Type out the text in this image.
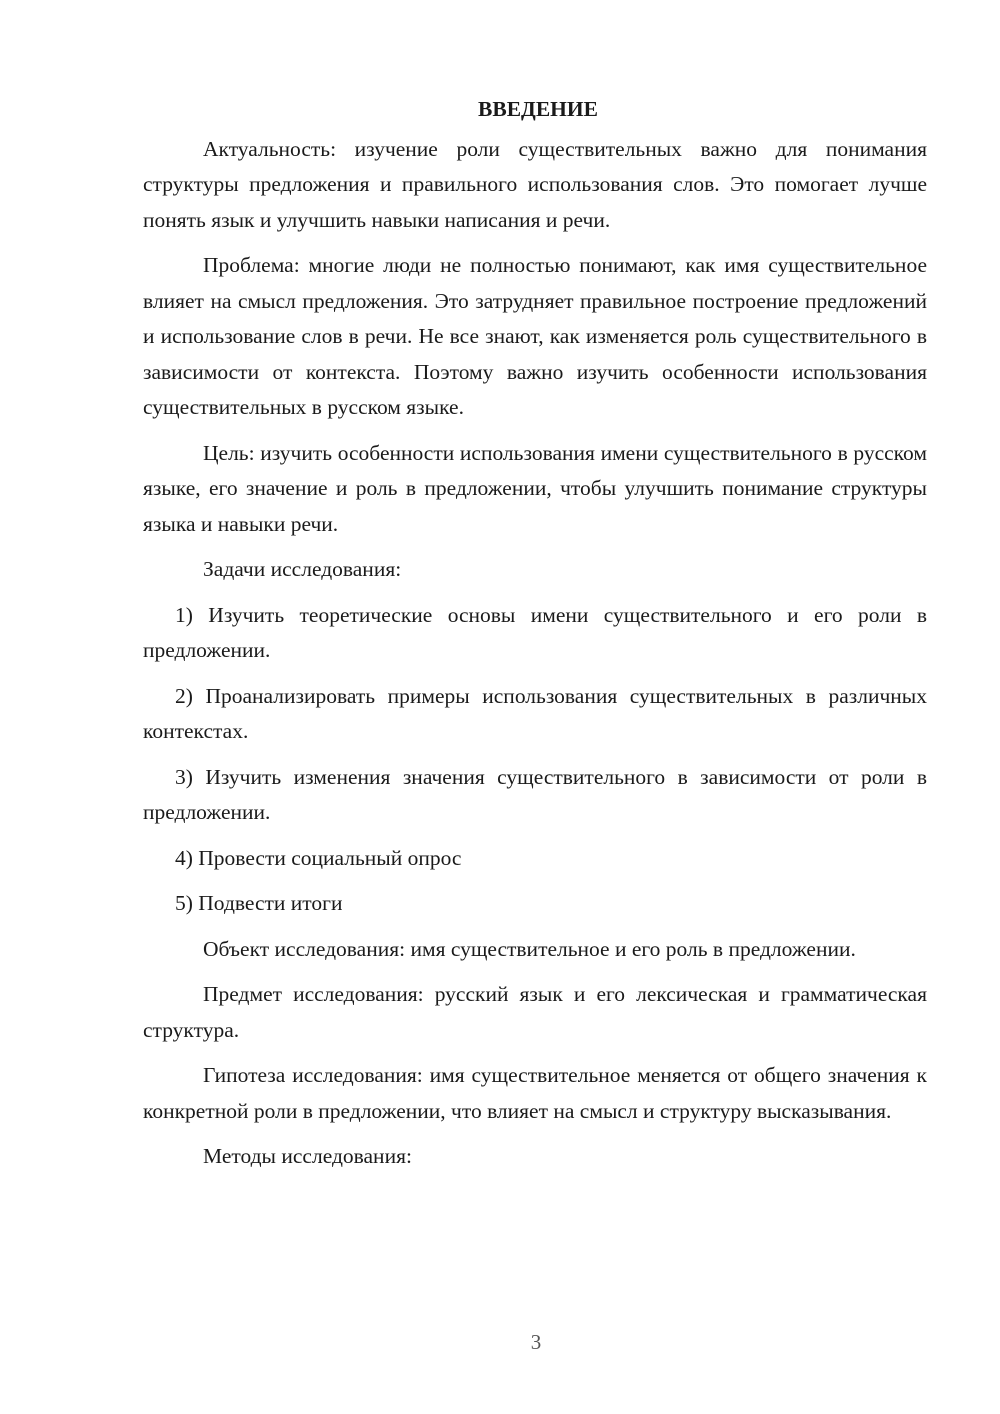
ВВЕДЕНИЕ

Актуальность: изучение роли существительных важно для понимания структуры предложения и правильного использования слов. Это помогает лучше понять язык и улучшить навыки написания и речи.

Проблема: многие люди не полностью понимают, как имя существительное влияет на смысл предложения. Это затрудняет правильное построение предложений и использование слов в речи. Не все знают, как изменяется роль существительного в зависимости от контекста. Поэтому важно изучить особенности использования существительных в русском языке.

Цель: изучить особенности использования имени существительного в русском языке, его значение и роль в предложении, чтобы улучшить понимание структуры языка и навыки речи.

Задачи исследования:

1) Изучить теоретические основы имени существительного и его роли в предложении.

2) Проанализировать примеры использования существительных в различных контекстах.

3) Изучить изменения значения существительного в зависимости от роли в предложении.

4) Провести социальный опрос

5) Подвести итоги

Объект исследования: имя существительное и его роль в предложении.

Предмет исследования: русский язык и его лексическая и грамматическая структура.

Гипотеза исследования: имя существительное меняется от общего значения к конкретной роли в предложении, что влияет на смысл и структуру высказывания.

Методы исследования:

3
